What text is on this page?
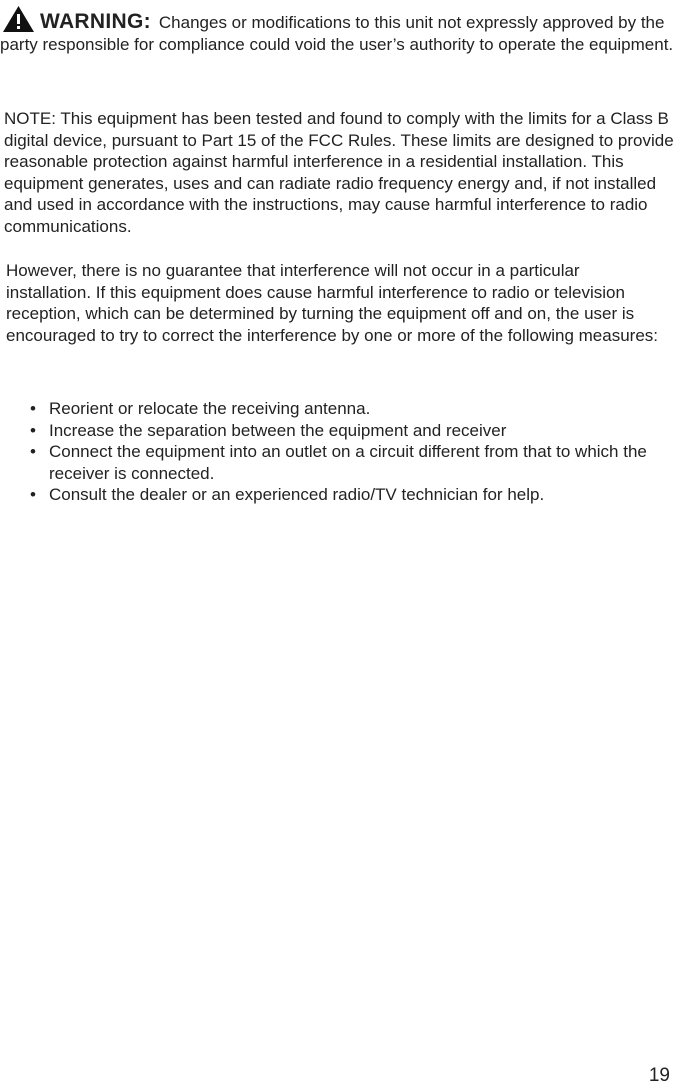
WARNING: Changes or modifications to this unit not expressly approved by the party responsible for compliance could void the user’s authority to operate the equipment.

NOTE: This equipment has been tested and found to comply with the limits for a Class B digital device, pursuant to Part 15 of the FCC Rules. These limits are designed to provide reasonable protection against harmful interference in a residential installation. This equipment generates, uses and can radiate radio frequency energy and, if not installed and used in accordance with the instructions, may cause harmful interference to radio communications.

However, there is no guarantee that interference will not occur in a particular installation. If this equipment does cause harmful interference to radio or television reception, which can be determined by turning the equipment off and on, the user is encouraged to try to correct the interference by one or more of the following measures:

• Reorient or relocate the receiving antenna.
• Increase the separation between the equipment and receiver
• Connect the equipment into an outlet on a circuit different from that to which the receiver is connected.
• Consult the dealer or an experienced radio/TV technician for help.
19
